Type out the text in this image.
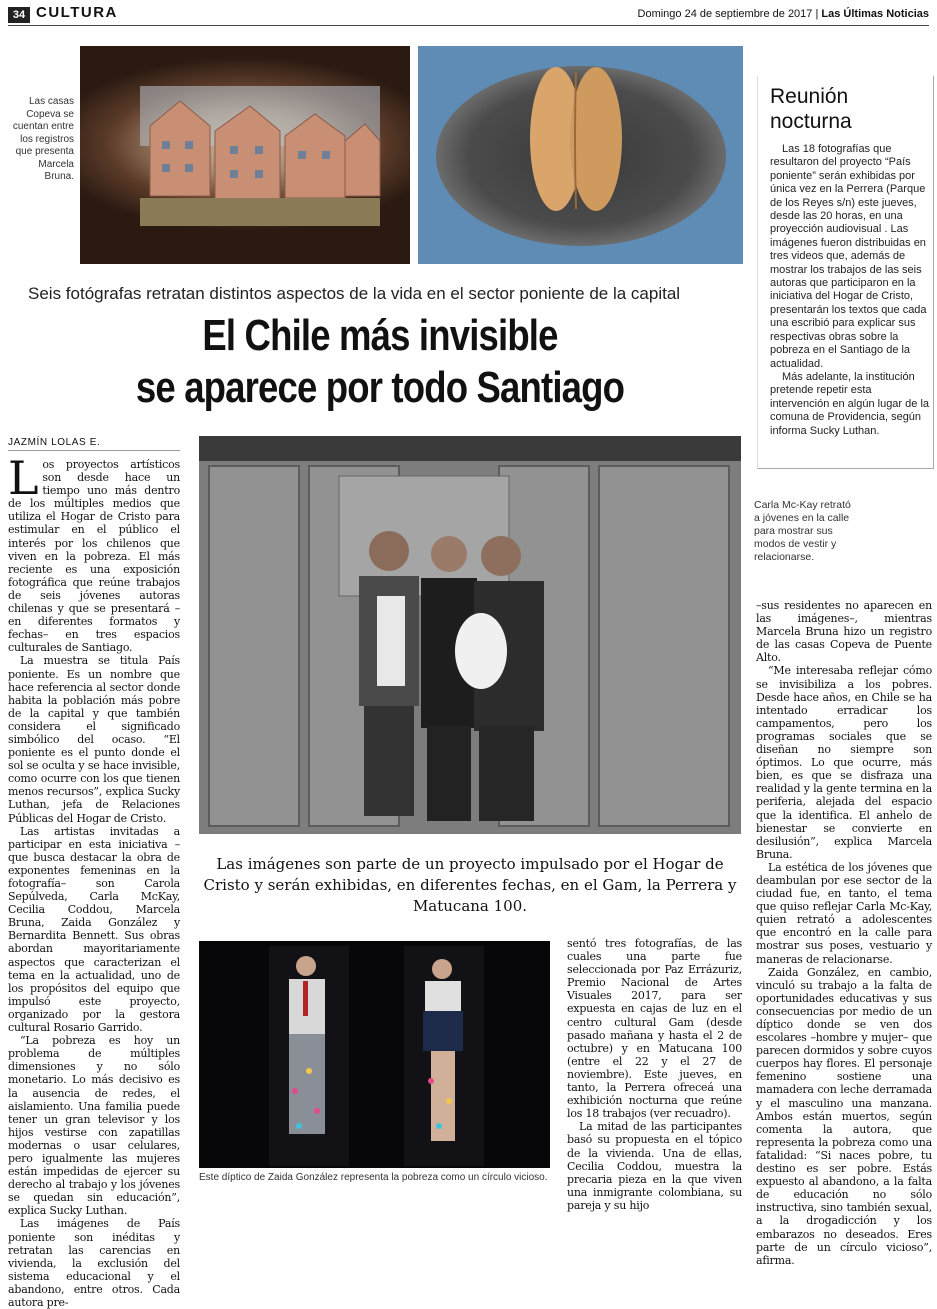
34 CULTURA	Domingo 24 de septiembre de 2017 | Las Últimas Noticias
Las casas Copeva se cuentan entre los registros que presenta Marcela Bruna.
Reunión nocturna

Las 18 fotografías que resultaron del proyecto “País poniente” serán exhibidas por única vez en la Perrera (Parque de los Reyes s/n) este jueves, desde las 20 horas, en una proyección audiovisual . Las imágenes fueron distribuidas en tres videos que, además de mostrar los trabajos de las seis autoras que participaron en la iniciativa del Hogar de Cristo, presentarán los textos que cada una escribió para explicar sus respectivas obras sobre la pobreza en el Santiago de la actualidad.

Más adelante, la institución pretende repetir esta intervención en algún lugar de la comuna de Providencia, según informa Sucky Luthan.

Seis fotógrafas retratan distintos aspectos de la vida en el sector poniente de la capital
El Chile más invisible
se aparece por todo Santiago
JAZMÍN LOLAS E.

Los proyectos artísticos son desde hace un tiempo uno más dentro de los múltiples medios que utiliza el Hogar de Cristo para estimular en el público el interés por los chilenos que viven en la pobreza. El más reciente es una exposición fotográfica que reúne trabajos de seis jóvenes autoras chilenas y que se presentará –en diferentes formatos y fechas– en tres espacios culturales de Santiago.

La muestra se titula País poniente. Es un nombre que hace referencia al sector donde habita la población más pobre de la capital y que también considera el significado simbólico del ocaso. “El poniente es el punto donde el sol se oculta y se hace invisible, como ocurre con los que tienen menos recursos”, explica Sucky Luthan, jefa de Relaciones Públicas del Hogar de Cristo.

Las artistas invitadas a participar en esta iniciativa –que busca destacar la obra de exponentes femeninas en la fotografía– son Carola Sepúlveda, Carla McKay, Cecilia Coddou, Marcela Bruna, Zaida González y Bernardita Bennett. Sus obras abordan mayoritariamente aspectos que caracterizan el tema en la actualidad, uno de los propósitos del equipo que impulsó este proyecto, organizado por la gestora cultural Rosario Garrido.

“La pobreza es hoy un problema de múltiples dimensiones y no sólo monetario. Lo más decisivo es la ausencia de redes, el aislamiento. Una familia puede tener un gran televisor y los hijos vestirse con zapatillas modernas o usar celulares, pero igualmente las mujeres están impedidas de ejercer su derecho al trabajo y los jóvenes se quedan sin educación”, explica Sucky Luthan.

Las imágenes de País poniente son inéditas y retratan las carencias en vivienda, la exclusión del sistema educacional y el abandono, entre otros. Cada autora pre-

Carla Mc-Kay retrató a jóvenes en la calle para mostrar sus modos de vestir y relacionarse.

–sus residentes no aparecen en las imágenes–, mientras Marcela Bruna hizo un registro de las casas Copeva de Puente Alto.

“Me interesaba reflejar cómo se invisibiliza a los pobres. Desde hace años, en Chile se ha intentado erradicar los campamentos, pero los programas sociales que se diseñan no siempre son óptimos. Lo que ocurre, más bien, es que se disfraza una realidad y la gente termina en la periferia, alejada del espacio que la identifica. El anhelo de bienestar se convierte en desilusión”, explica Marcela Bruna.

La estética de los jóvenes que deambulan por ese sector de la ciudad fue, en tanto, el tema que quiso reflejar Carla Mc-Kay, quien retrató a adolescentes que encontró en la calle para mostrar sus poses, vestuario y maneras de relacionarse.

Zaida González, en cambio, vinculó su trabajo a la falta de oportunidades educativas y sus consecuencias por medio de un díptico donde se ven dos escolares –hombre y mujer– que parecen dormidos y sobre cuyos cuerpos hay flores. El personaje femenino sostiene una mamadera con leche derramada y el masculino una manzana. Ambos están muertos, según comenta la autora, que representa la pobreza como una fatalidad: “Si naces pobre, tu destino es ser pobre. Estás expuesto al abandono, a la falta de educación no sólo instructiva, sino también sexual, a la drogadicción y los embarazos no deseados. Eres parte de un círculo vicioso”, afirma.

Las imágenes son parte de un proyecto impulsado por el Hogar de Cristo y serán exhibidas, en diferentes fechas, en el Gam, la Perrera y Matucana 100.
Este díptico de Zaida González representa la pobreza como un círculo vicioso.

sentó tres fotografías, de las cuales una parte fue seleccionada por Paz Errázuriz, Premio Nacional de Artes Visuales 2017, para ser expuesta en cajas de luz en el centro cultural Gam (desde pasado mañana y hasta el 2 de octubre) y en Matucana 100 (entre el 22 y el 27 de noviembre). Este jueves, en tanto, la Perrera ofreceá una exhibición nocturna que reúne los 18 trabajos (ver recuadro).

La mitad de las participantes basó su propuesta en el tópico de la vivienda. Una de ellas, Cecilia Coddou, muestra la precaria pieza en la que viven una inmigrante colombiana, su pareja y su hijo
